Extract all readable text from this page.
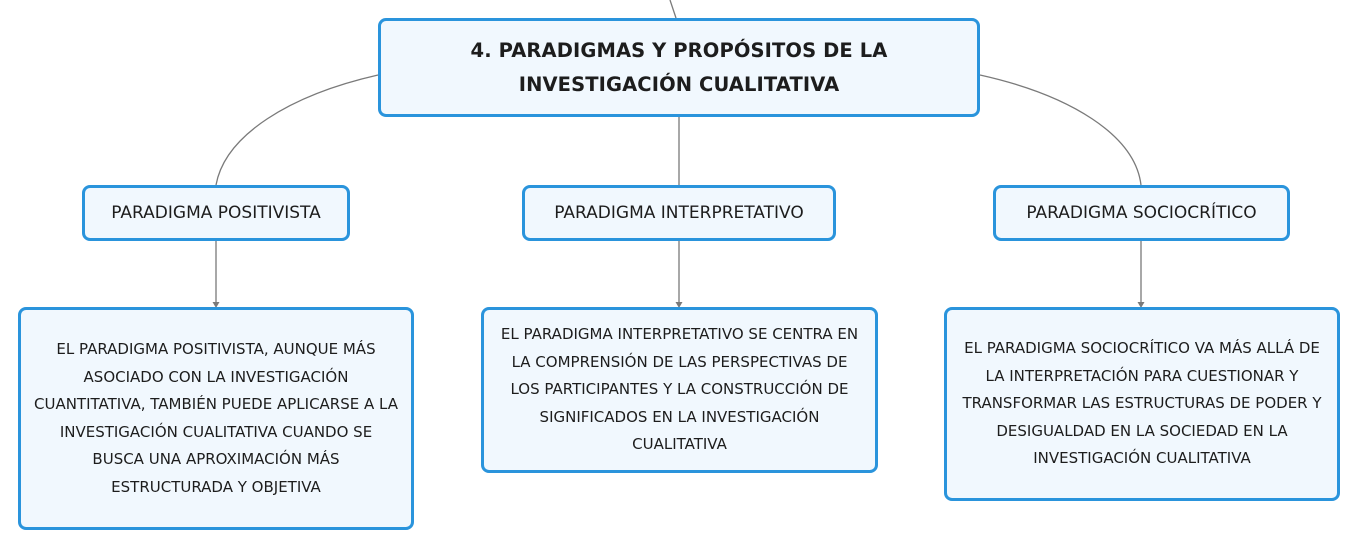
4. PARADIGMAS Y PROPÓSITOS DE LA INVESTIGACIÓN CUALITATIVA
PARADIGMA POSITIVISTA	PARADIGMA INTERPRETATIVO	PARADIGMA SOCIOCRÍTICO
EL PARADIGMA POSITIVISTA, AUNQUE MÁS ASOCIADO CON LA INVESTIGACIÓN CUANTITATIVA, TAMBIÉN PUEDE APLICARSE A LA INVESTIGACIÓN CUALITATIVA CUANDO SE BUSCA UNA APROXIMACIÓN MÁS ESTRUCTURADA Y OBJETIVA
EL PARADIGMA INTERPRETATIVO SE CENTRA EN LA COMPRENSIÓN DE LAS PERSPECTIVAS DE LOS PARTICIPANTES Y LA CONSTRUCCIÓN DE SIGNIFICADOS EN LA INVESTIGACIÓN CUALITATIVA
EL PARADIGMA SOCIOCRÍTICO VA MÁS ALLÁ DE LA INTERPRETACIÓN PARA CUESTIONAR Y TRANSFORMAR LAS ESTRUCTURAS DE PODER Y DESIGUALDAD EN LA SOCIEDAD EN LA INVESTIGACIÓN CUALITATIVA
